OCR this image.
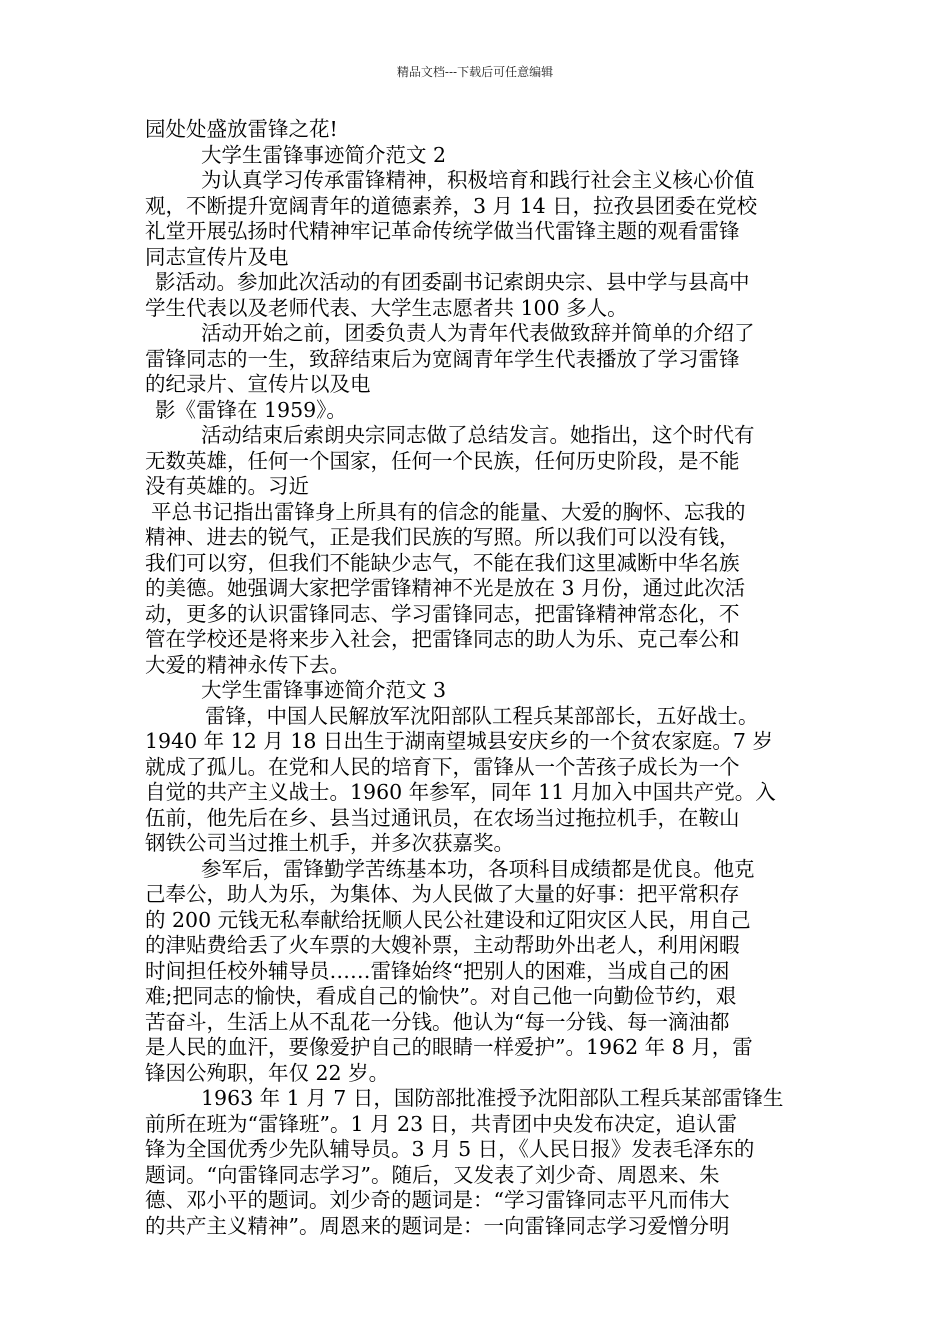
精品文档---下载后可任意编辑
园处处盛放雷锋之花!
大学生雷锋事迹简介范文 2
为认真学习传承雷锋精神，积极培育和践行社会主义核心价值
观，不断提升宽阔青年的道德素养，3 月 14 日，拉孜县团委在党校
礼堂开展弘扬时代精神牢记革命传统学做当代雷锋主题的观看雷锋
同志宣传片及电
影活动。参加此次活动的有团委副书记索朗央宗、县中学与县高中
学生代表以及老师代表、大学生志愿者共 100 多人。
活动开始之前，团委负责人为青年代表做致辞并简单的介绍了
雷锋同志的一生，致辞结束后为宽阔青年学生代表播放了学习雷锋
的纪录片、宣传片以及电
影《雷锋在 1959》。
活动结束后索朗央宗同志做了总结发言。她指出，这个时代有
无数英雄，任何一个国家，任何一个民族，任何历史阶段，是不能
没有英雄的。习近
平总书记指出雷锋身上所具有的信念的能量、大爱的胸怀、忘我的
精神、进去的锐气，正是我们民族的写照。所以我们可以没有钱，
我们可以穷，但我们不能缺少志气，不能在我们这里减断中华名族
的美德。她强调大家把学雷锋精神不光是放在 3 月份，通过此次活
动，更多的认识雷锋同志、学习雷锋同志，把雷锋精神常态化，不
管在学校还是将来步入社会，把雷锋同志的助人为乐、克己奉公和
大爱的精神永传下去。
大学生雷锋事迹简介范文 3
雷锋，中国人民解放军沈阳部队工程兵某部部长，五好战士。
1940 年 12 月 18 日出生于湖南望城县安庆乡的一个贫农家庭。7 岁
就成了孤儿。在党和人民的培育下，雷锋从一个苦孩子成长为一个
自觉的共产主义战士。1960 年参军，同年 11 月加入中国共产党。入
伍前，他先后在乡、县当过通讯员，在农场当过拖拉机手，在鞍山
钢铁公司当过推土机手，并多次获嘉奖。
参军后，雷锋勤学苦练基本功，各项科目成绩都是优良。他克
己奉公，助人为乐，为集体、为人民做了大量的好事：把平常积存
的 200 元钱无私奉献给抚顺人民公社建设和辽阳灾区人民，用自己
的津贴费给丢了火车票的大嫂补票，主动帮助外出老人，利用闲暇
时间担任校外辅导员……雷锋始终“把别人的困难，当成自己的困
难;把同志的愉快，看成自己的愉快”。对自己他一向勤俭节约，艰
苦奋斗，生活上从不乱花一分钱。他认为“每一分钱、每一滴油都
是人民的血汗，要像爱护自己的眼睛一样爱护”。1962 年 8 月，雷
锋因公殉职，年仅 22 岁。
1963 年 1 月 7 日，国防部批准授予沈阳部队工程兵某部雷锋生
前所在班为“雷锋班”。1 月 23 日，共青团中央发布决定，追认雷
锋为全国优秀少先队辅导员。3 月 5 日，《人民日报》发表毛泽东的
题词。“向雷锋同志学习”。随后，又发表了刘少奇、周恩来、朱
德、邓小平的题词。刘少奇的题词是：“学习雷锋同志平凡而伟大
的共产主义精神”。周恩来的题词是：一向雷锋同志学习爱憎分明
